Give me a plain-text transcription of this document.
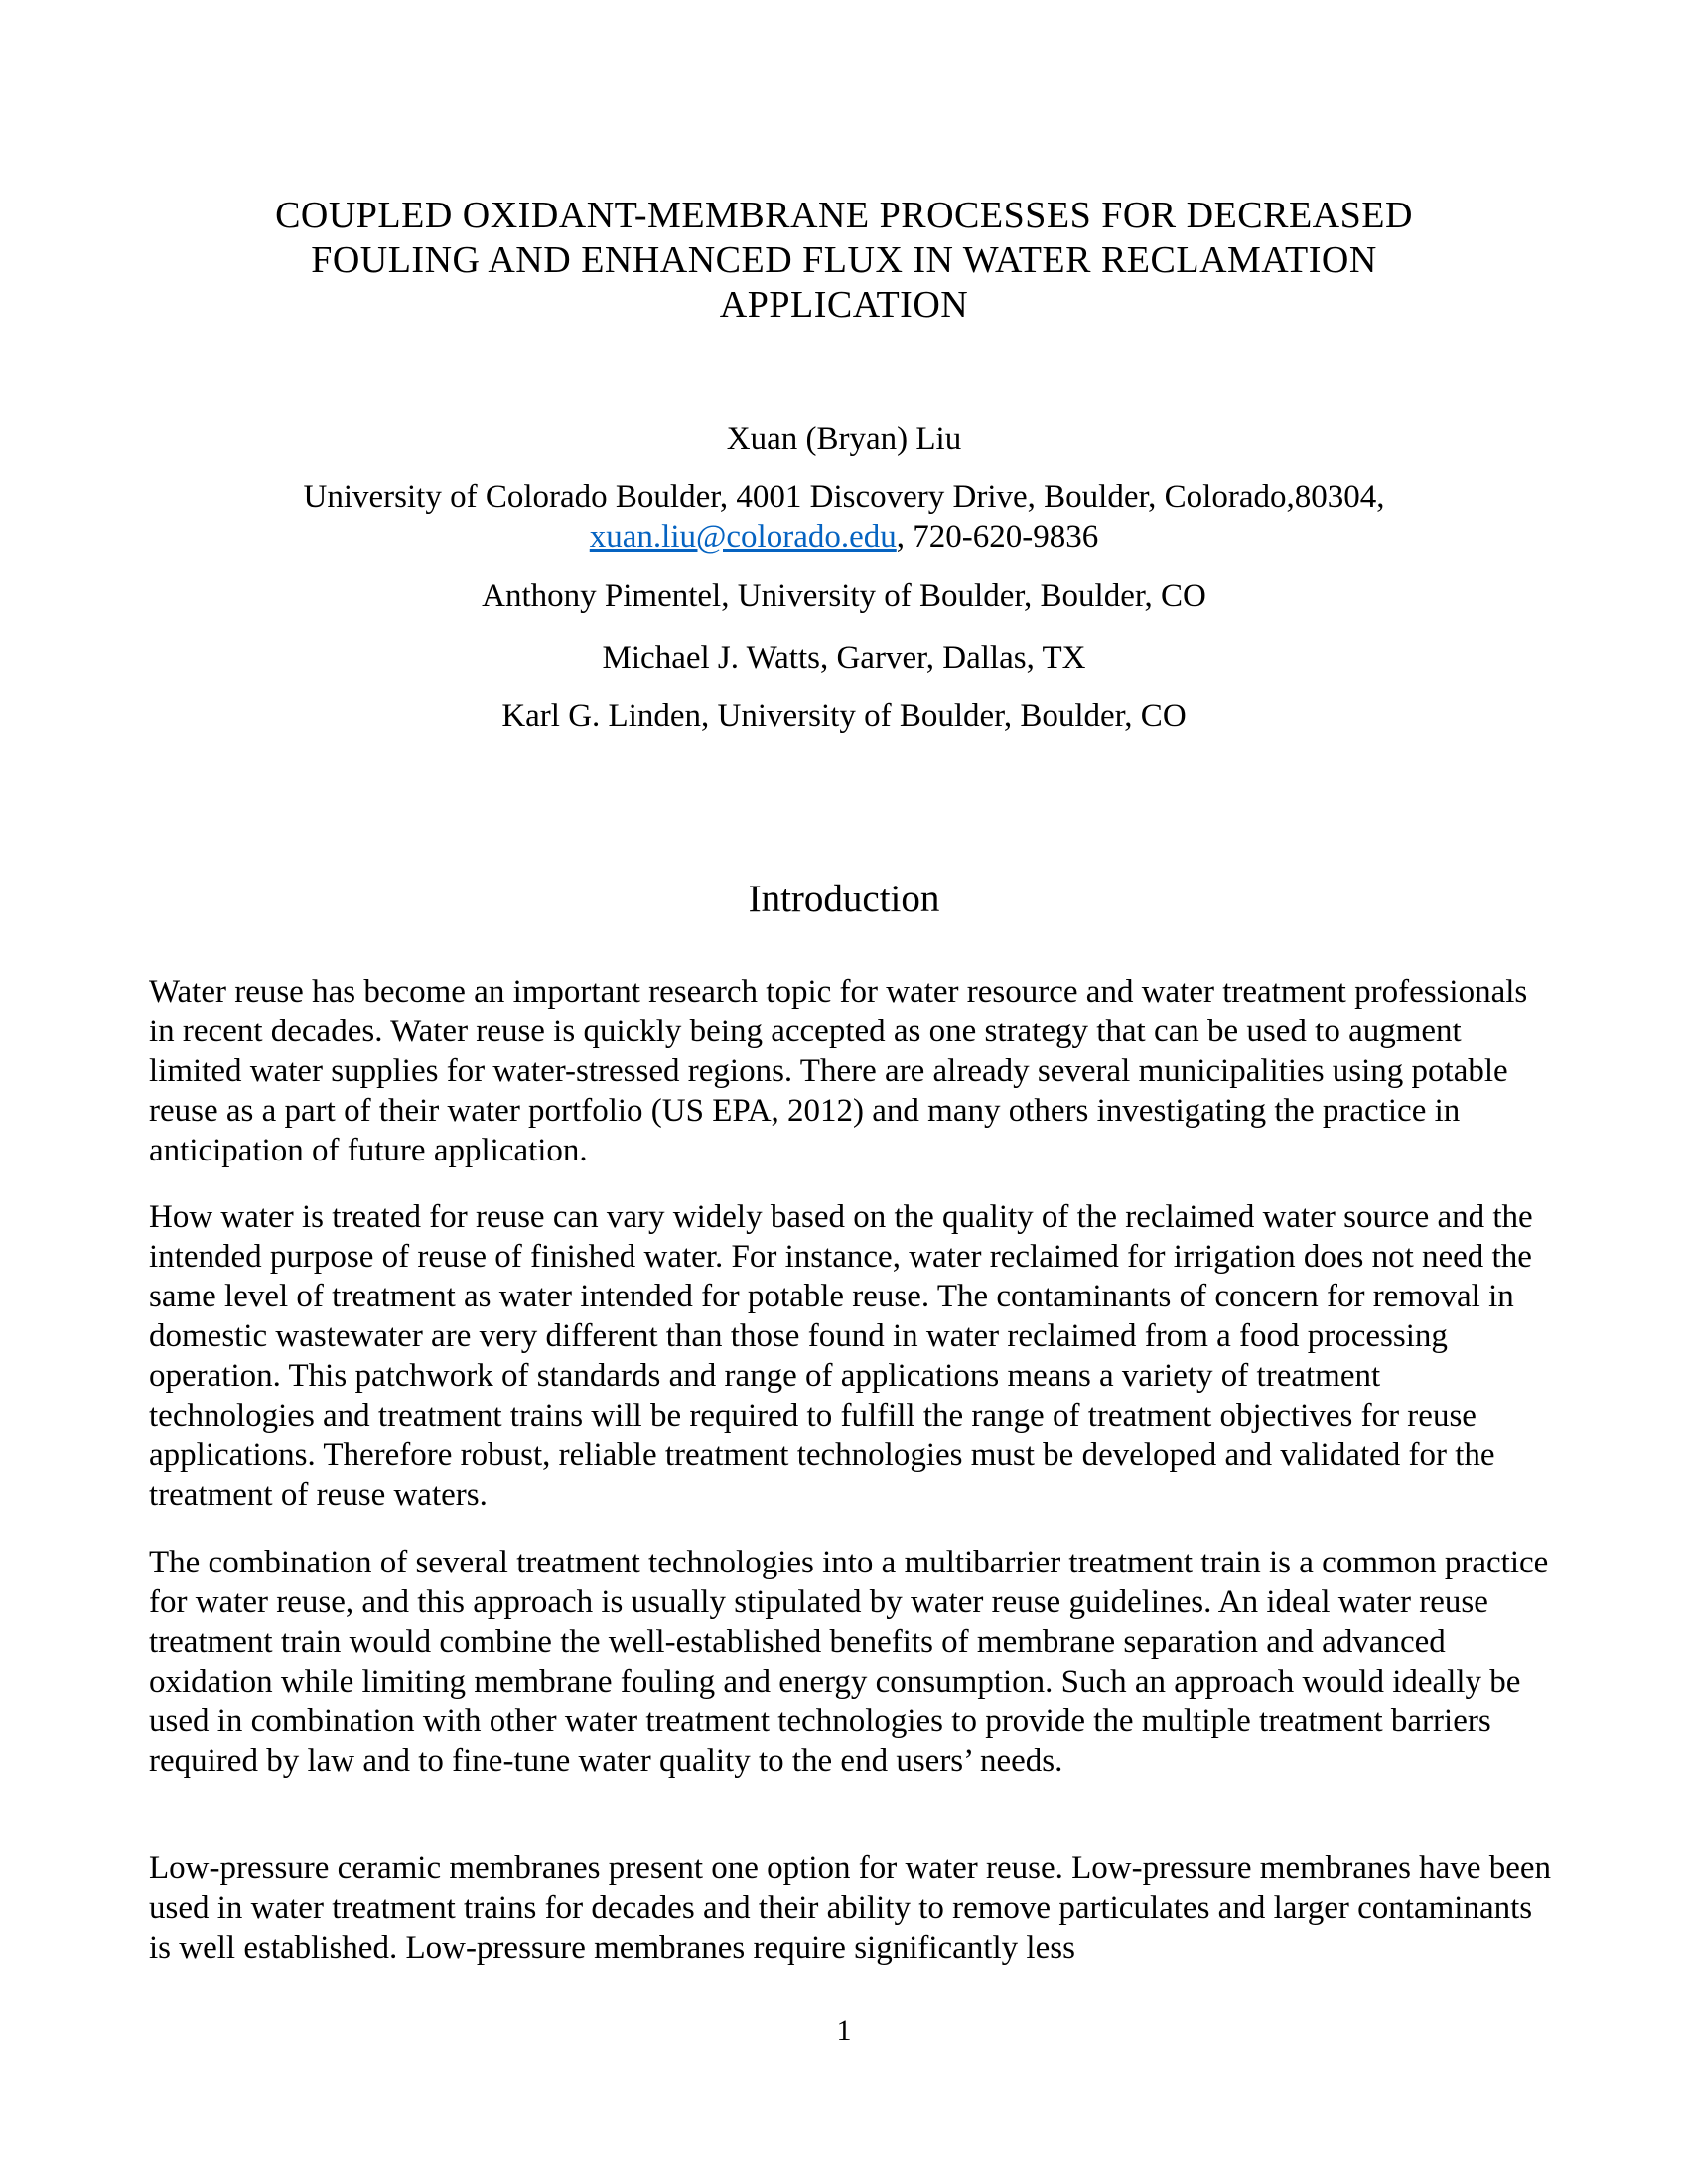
COUPLED OXIDANT-MEMBRANE PROCESSES FOR DECREASED
FOULING AND ENHANCED FLUX IN WATER RECLAMATION
APPLICATION
Xuan (Bryan) Liu
University of Colorado Boulder, 4001 Discovery Drive, Boulder, Colorado,80304,
xuan.liu@colorado.edu, 720-620-9836
Anthony Pimentel, University of Boulder, Boulder, CO
Michael J. Watts, Garver, Dallas, TX
Karl G. Linden, University of Boulder, Boulder, CO
Introduction

Water reuse has become an important research topic for water resource and water treatment professionals in recent decades. Water reuse is quickly being accepted as one strategy that can be used to augment limited water supplies for water-stressed regions. There are already several municipalities using potable reuse as a part of their water portfolio (US EPA, 2012) and many others investigating the practice in anticipation of future application.

How water is treated for reuse can vary widely based on the quality of the reclaimed water source and the intended purpose of reuse of finished water. For instance, water reclaimed for irrigation does not need the same level of treatment as water intended for potable reuse. The contaminants of concern for removal in domestic wastewater are very different than those found in water reclaimed from a food processing operation. This patchwork of standards and range of applications means a variety of treatment technologies and treatment trains will be required to fulfill the range of treatment objectives for reuse applications. Therefore robust, reliable treatment technologies must be developed and validated for the treatment of reuse waters.

The combination of several treatment technologies into a multibarrier treatment train is a common practice for water reuse, and this approach is usually stipulated by water reuse guidelines. An ideal water reuse treatment train would combine the well-established benefits of membrane separation and advanced oxidation while limiting membrane fouling and energy consumption. Such an approach would ideally be used in combination with other water treatment technologies to provide the multiple treatment barriers required by law and to fine-tune water quality to the end users’ needs.

Low-pressure ceramic membranes present one option for water reuse. Low-pressure membranes have been used in water treatment trains for decades and their ability to remove particulates and larger contaminants is well established. Low-pressure membranes require significantly less

1
